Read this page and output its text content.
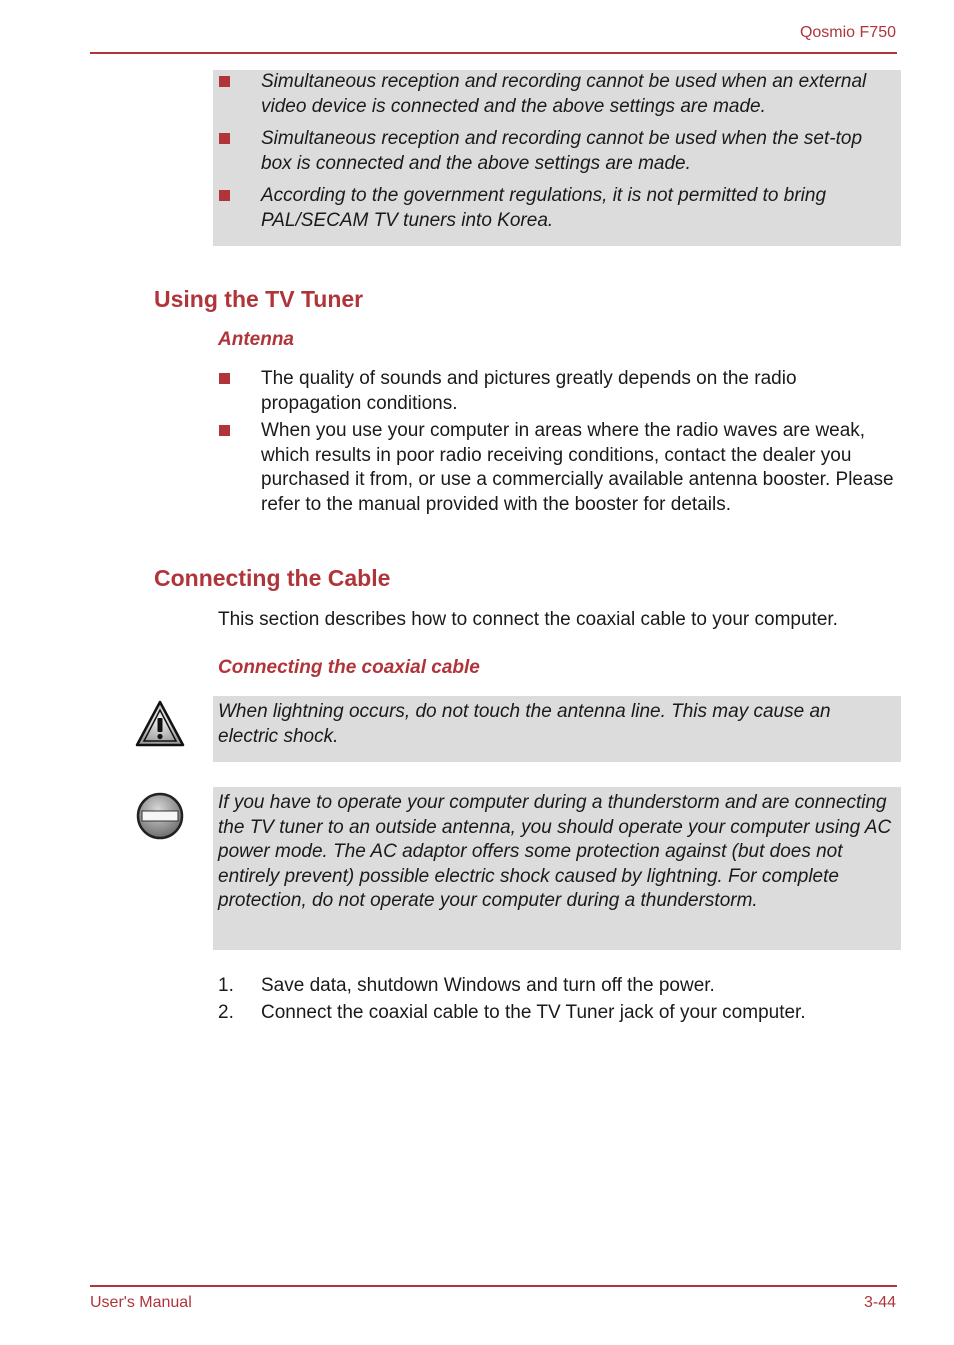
Qosmio F750
Simultaneous reception and recording cannot be used when an external video device is connected and the above settings are made.
Simultaneous reception and recording cannot be used when the set-top box is connected and the above settings are made.
According to the government regulations, it is not permitted to bring PAL/SECAM TV tuners into Korea.
Using the TV Tuner
Antenna
The quality of sounds and pictures greatly depends on the radio propagation conditions.
When you use your computer in areas where the radio waves are weak, which results in poor radio receiving conditions, contact the dealer you purchased it from, or use a commercially available antenna booster. Please refer to the manual provided with the booster for details.
Connecting the Cable
This section describes how to connect the coaxial cable to your computer.
Connecting the coaxial cable
When lightning occurs, do not touch the antenna line. This may cause an electric shock.
If you have to operate your computer during a thunderstorm and are connecting the TV tuner to an outside antenna, you should operate your computer using AC power mode. The AC adaptor offers some protection against (but does not entirely prevent) possible electric shock caused by lightning. For complete protection, do not operate your computer during a thunderstorm.
1. Save data, shutdown Windows and turn off the power.
2. Connect the coaxial cable to the TV Tuner jack of your computer.
User's Manual	3-44
